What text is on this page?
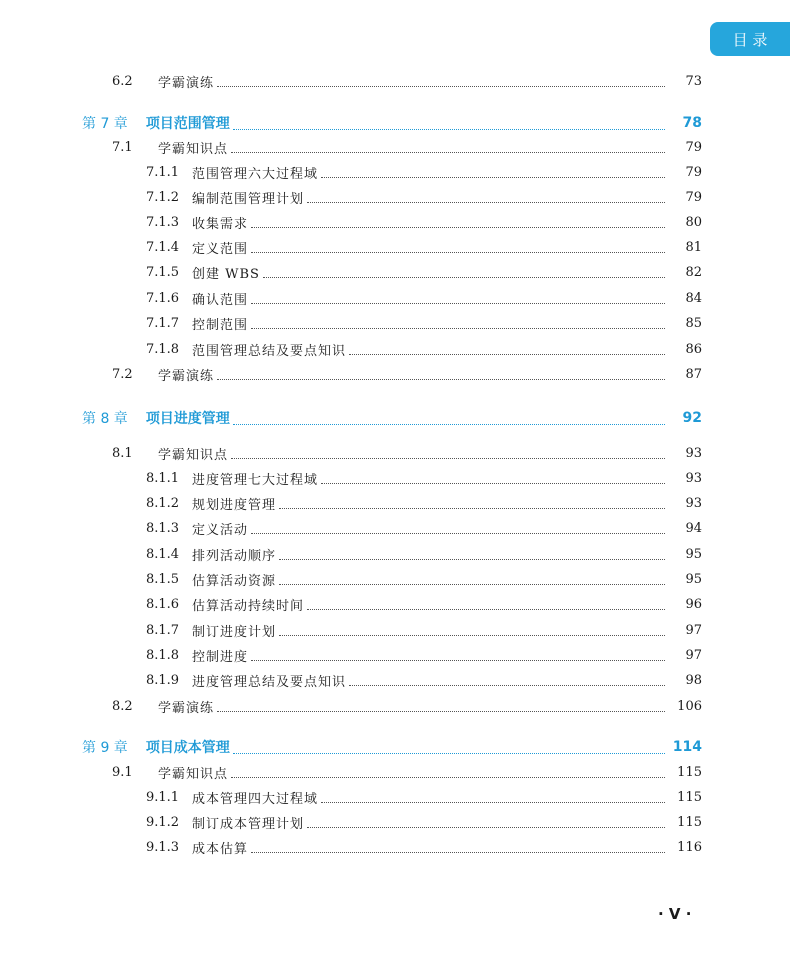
目 录
6.2	学霸演练	73
第 7 章 项目范围管理	78
7.1	学霸知识点	79
7.1.1 范围管理六大过程域	79
7.1.2 编制范围管理计划	79
7.1.3 收集需求	80
7.1.4 定义范围	81
7.1.5 创建 WBS	82
7.1.6 确认范围	84
7.1.7 控制范围	85
7.1.8 范围管理总结及要点知识	86
7.2	学霸演练	87
第 8 章 项目进度管理	92
8.1	学霸知识点	93
8.1.1 进度管理七大过程域	93
8.1.2 规划进度管理	93
8.1.3 定义活动	94
8.1.4 排列活动顺序	95
8.1.5 估算活动资源	95
8.1.6 估算活动持续时间	96
8.1.7 制订进度计划	97
8.1.8 控制进度	97
8.1.9 进度管理总结及要点知识	98
8.2	学霸演练	106
第 9 章 项目成本管理	114
9.1	学霸知识点	115
9.1.1 成本管理四大过程域	115
9.1.2 制订成本管理计划	115
9.1.3 成本估算	116
· V ·
